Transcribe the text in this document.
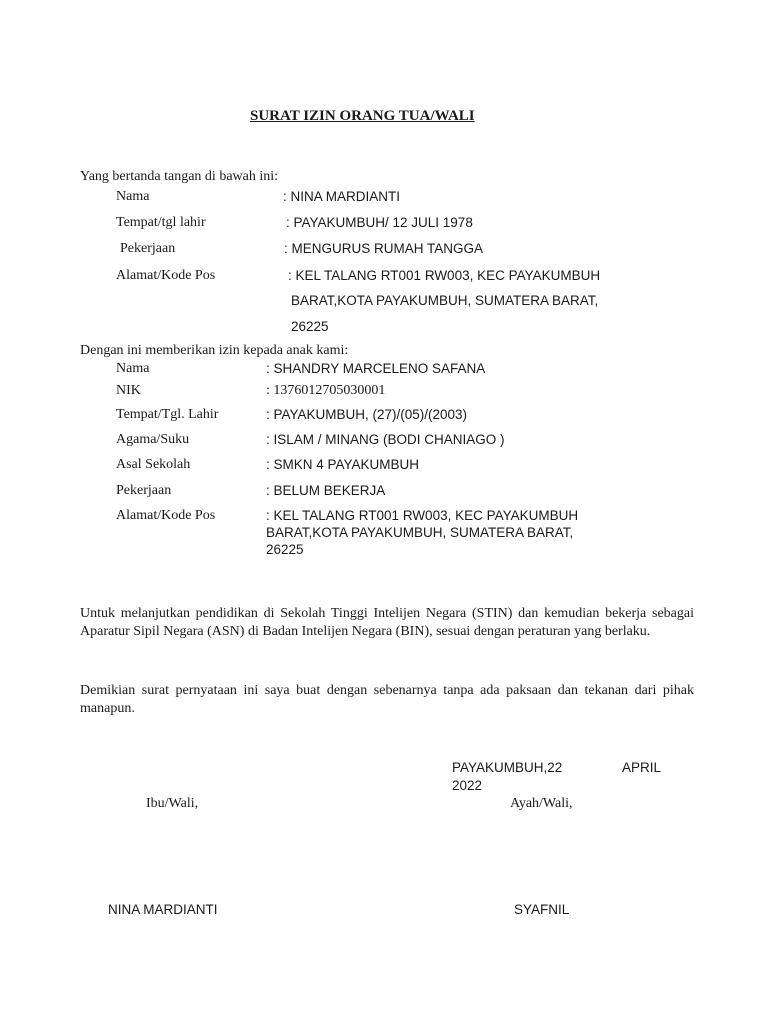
SURAT IZIN ORANG TUA/WALI
Yang bertanda tangan di bawah ini:
Nama	: NINA MARDIANTI
Tempat/tgl lahir	: PAYAKUMBUH/ 12 JULI 1978
Pekerjaan	: MENGURUS RUMAH TANGGA
Alamat/Kode Pos	: KEL TALANG RT001 RW003, KEC PAYAKUMBUH
BARAT,KOTA PAYAKUMBUH, SUMATERA BARAT,
26225
Dengan ini memberikan izin kepada anak kami:
Nama	: SHANDRY MARCELENO SAFANA
NIK	: 1376012705030001
Tempat/Tgl. Lahir	: PAYAKUMBUH, (27)/(05)/(2003)
Agama/Suku	: ISLAM / MINANG (BODI CHANIAGO )
Asal Sekolah	: SMKN 4 PAYAKUMBUH
Pekerjaan	: BELUM BEKERJA
Alamat/Kode Pos	: KEL TALANG RT001 RW003, KEC PAYAKUMBUH
BARAT,KOTA PAYAKUMBUH, SUMATERA BARAT,
26225
Untuk melanjutkan pendidikan di Sekolah Tinggi Intelijen Negara (STIN) dan kemudian bekerja sebagai Aparatur Sipil Negara (ASN) di Badan Intelijen Negara (BIN), sesuai dengan peraturan yang berlaku.
Demikian surat pernyataan ini saya buat dengan sebenarnya tanpa ada paksaan dan tekanan dari pihak manapun.
PAYAKUMBUH,22	APRIL
2022
Ibu/Wali,	Ayah/Wali,
NINA MARDIANTI	SYAFNIL
